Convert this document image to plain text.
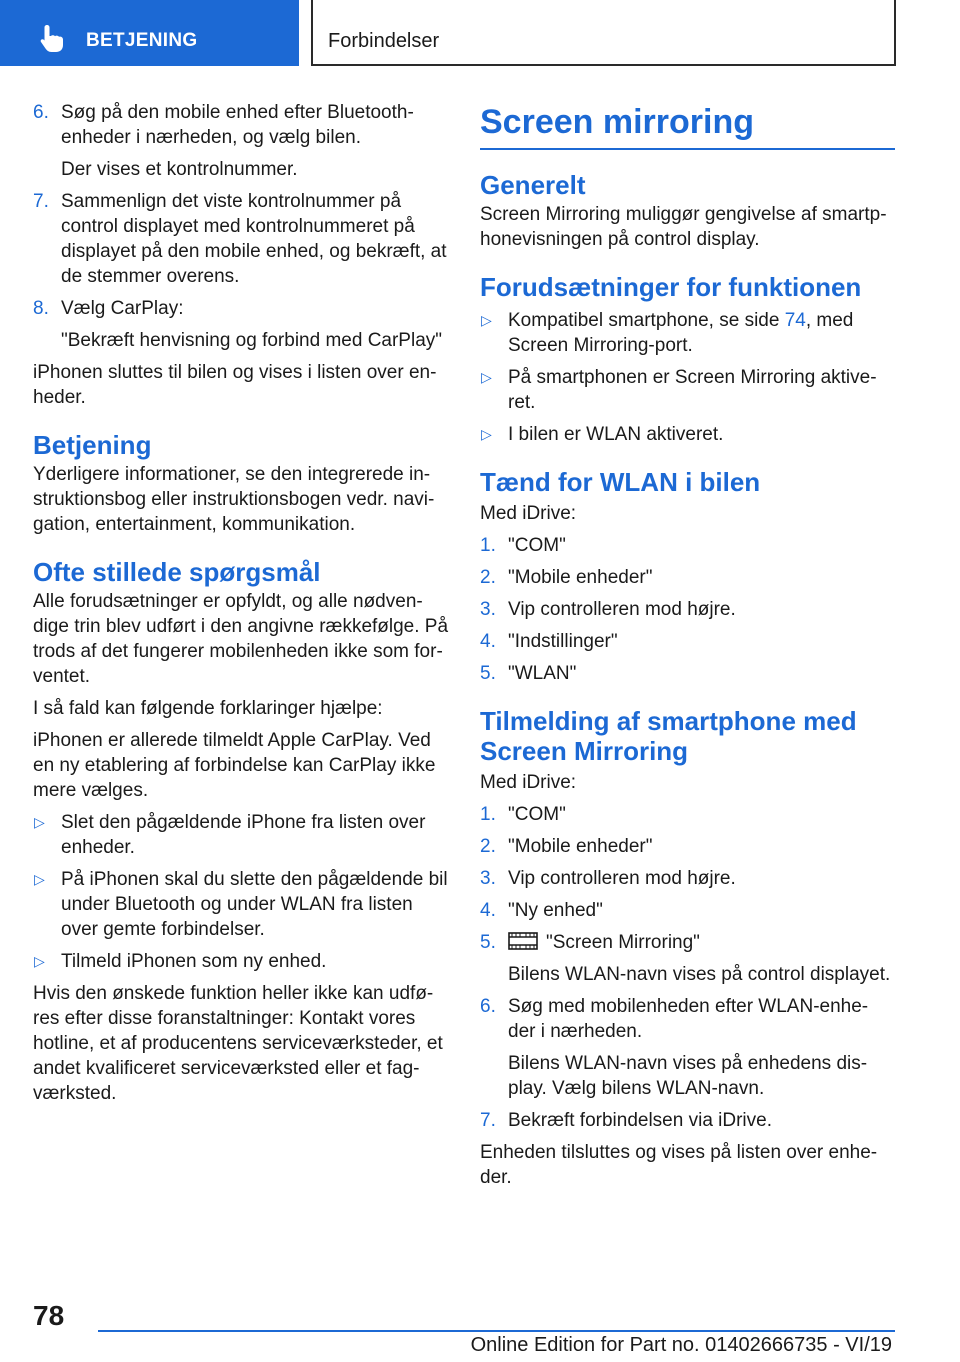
BETJENING	Forbindelser
6. Søg på den mobile enhed efter Bluetooth-enheder i nærheden, og vælg bilen.
Der vises et kontrolnummer.
7. Sammenlign det viste kontrolnummer på control displayet med kontrolnummeret på displayet på den mobile enhed, og bekræft, at de stemmer overens.
8. Vælg CarPlay:
"Bekræft henvisning og forbind med CarPlay"
iPhonen sluttes til bilen og vises i listen over en-heder.
Betjening
Yderligere informationer, se den integrerede in-struktionsbog eller instruktionsbogen vedr. navi-gation, entertainment, kommunikation.
Ofte stillede spørgsmål
Alle forudsætninger er opfyldt, og alle nødven-dige trin blev udført i den angivne rækkefølge. På trods af det fungerer mobilenheden ikke som for-ventet.
I så fald kan følgende forklaringer hjælpe:
iPhonen er allerede tilmeldt Apple CarPlay. Ved en ny etablering af forbindelse kan CarPlay ikke mere vælges.
▷ Slet den pågældende iPhone fra listen over enheder.
▷ På iPhonen skal du slette den pågældende bil under Bluetooth og under WLAN fra listen over gemte forbindelser.
▷ Tilmeld iPhonen som ny enhed.
Hvis den ønskede funktion heller ikke kan udfø-res efter disse foranstaltninger: Kontakt vores hotline, et af producentens serviceværksteder, et andet kvalificeret serviceværksted eller et fag-værksted.
Screen mirroring
Generelt
Screen Mirroring muliggør gengivelse af smartp-honevisningen på control display.
Forudsætninger for funktionen
▷ Kompatibel smartphone, se side 74, med Screen Mirroring-port.
▷ På smartphonen er Screen Mirroring aktive-ret.
▷ I bilen er WLAN aktiveret.
Tænd for WLAN i bilen
Med iDrive:
1. "COM"
2. "Mobile enheder"
3. Vip controlleren mod højre.
4. "Indstillinger"
5. "WLAN"
Tilmelding af smartphone med Screen Mirroring
Med iDrive:
1. "COM"
2. "Mobile enheder"
3. Vip controlleren mod højre.
4. "Ny enhed"
5.	"Screen Mirroring"
Bilens WLAN-navn vises på control displayet.
6. Søg med mobilenheden efter WLAN-enhe-der i nærheden.
Bilens WLAN-navn vises på enhedens dis-play. Vælg bilens WLAN-navn.
7. Bekræft forbindelsen via iDrive.
Enheden tilsluttes og vises på listen over enhe-der.
78
Online Edition for Part no. 01402666735 - VI/19
